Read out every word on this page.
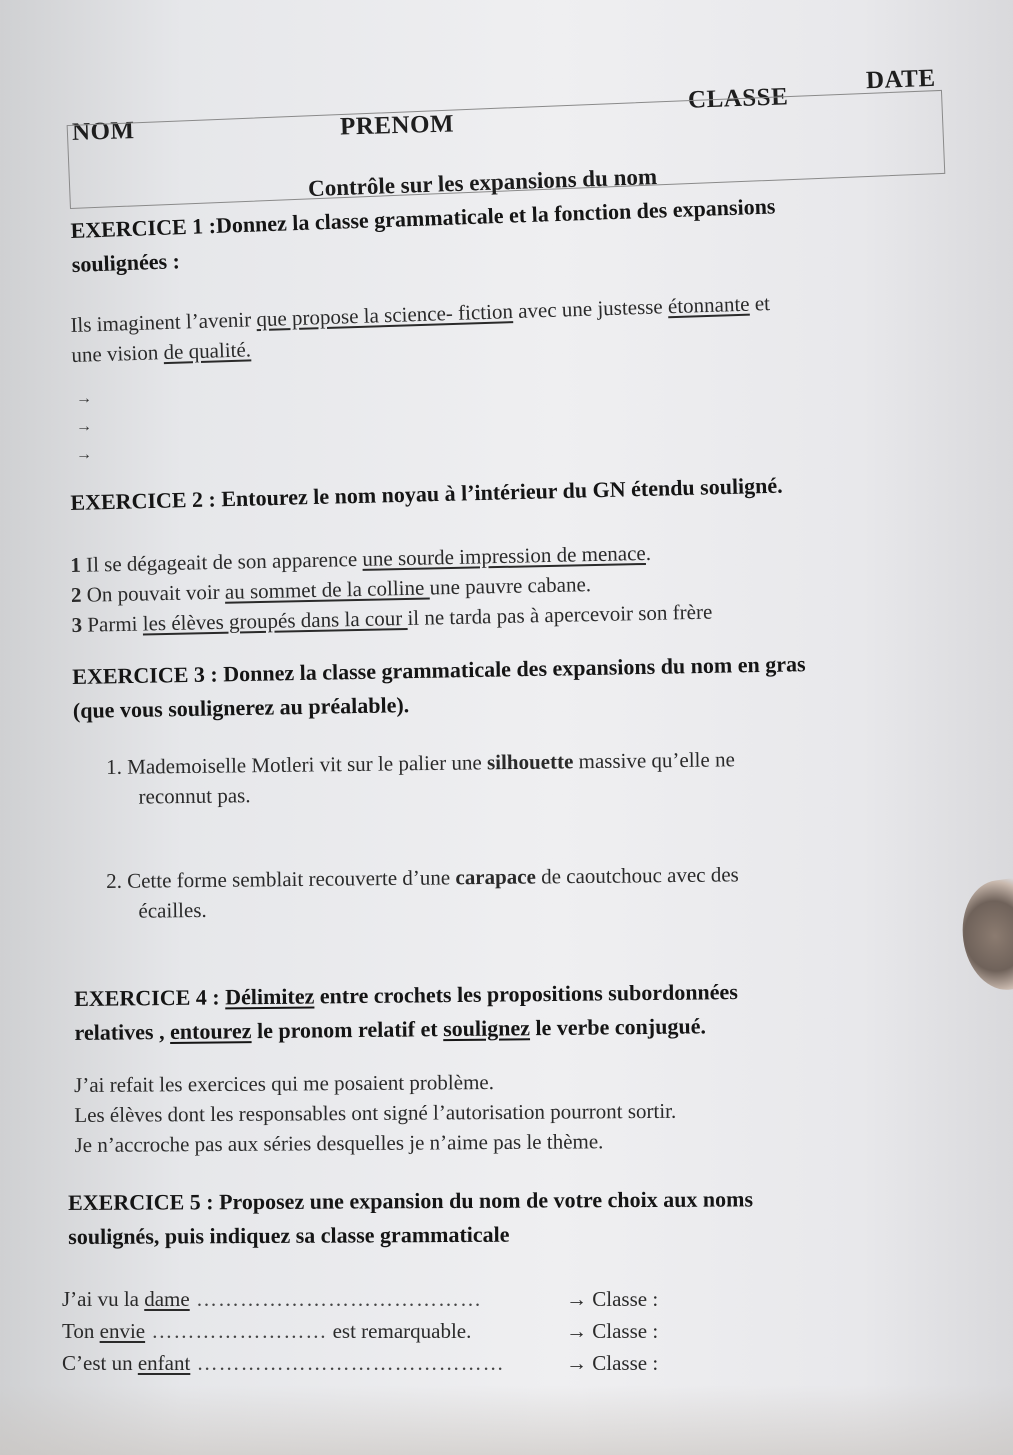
NOM	PRENOM
CLASSE
DATE
Contrôle sur les expansions du nom
EXERCICE 1 :Donnez la classe grammaticale et la fonction des expansions
soulignées :
Ils imaginent l’avenir que propose la science- fiction avec une justesse étonnante et
une vision de qualité.
→
→
→
EXERCICE 2 : Entourez le nom noyau à l’intérieur du GN étendu souligné.
1 Il se dégageait de son apparence une sourde impression de menace.
2 On pouvait voir au sommet de la colline une pauvre cabane.
3 Parmi les élèves groupés dans la cour il ne tarda pas à apercevoir son frère
EXERCICE 3 : Donnez la classe grammaticale des expansions du nom en gras
(que vous soulignerez au préalable).
1. Mademoiselle Motleri vit sur le palier une silhouette massive qu’elle ne
reconnut pas.
2. Cette forme semblait recouverte d’une carapace de caoutchouc avec des
écailles.
EXERCICE 4 : Délimitez entre crochets les propositions subordonnées
relatives , entourez le pronom relatif et soulignez le verbe conjugué.
J’ai refait les exercices qui me posaient problème.
Les élèves dont les responsables ont signé l’autorisation pourront sortir.
Je n’accroche pas aux séries desquelles je n’aime pas le thème.
EXERCICE 5 : Proposez une expansion du nom de votre choix aux noms
soulignés, puis indiquez sa classe grammaticale
J’ai vu la dame …………………………………	→ Classe :
Ton envie …………………… est remarquable.	→ Classe :
C’est un enfant ……………………………………	→ Classe :
